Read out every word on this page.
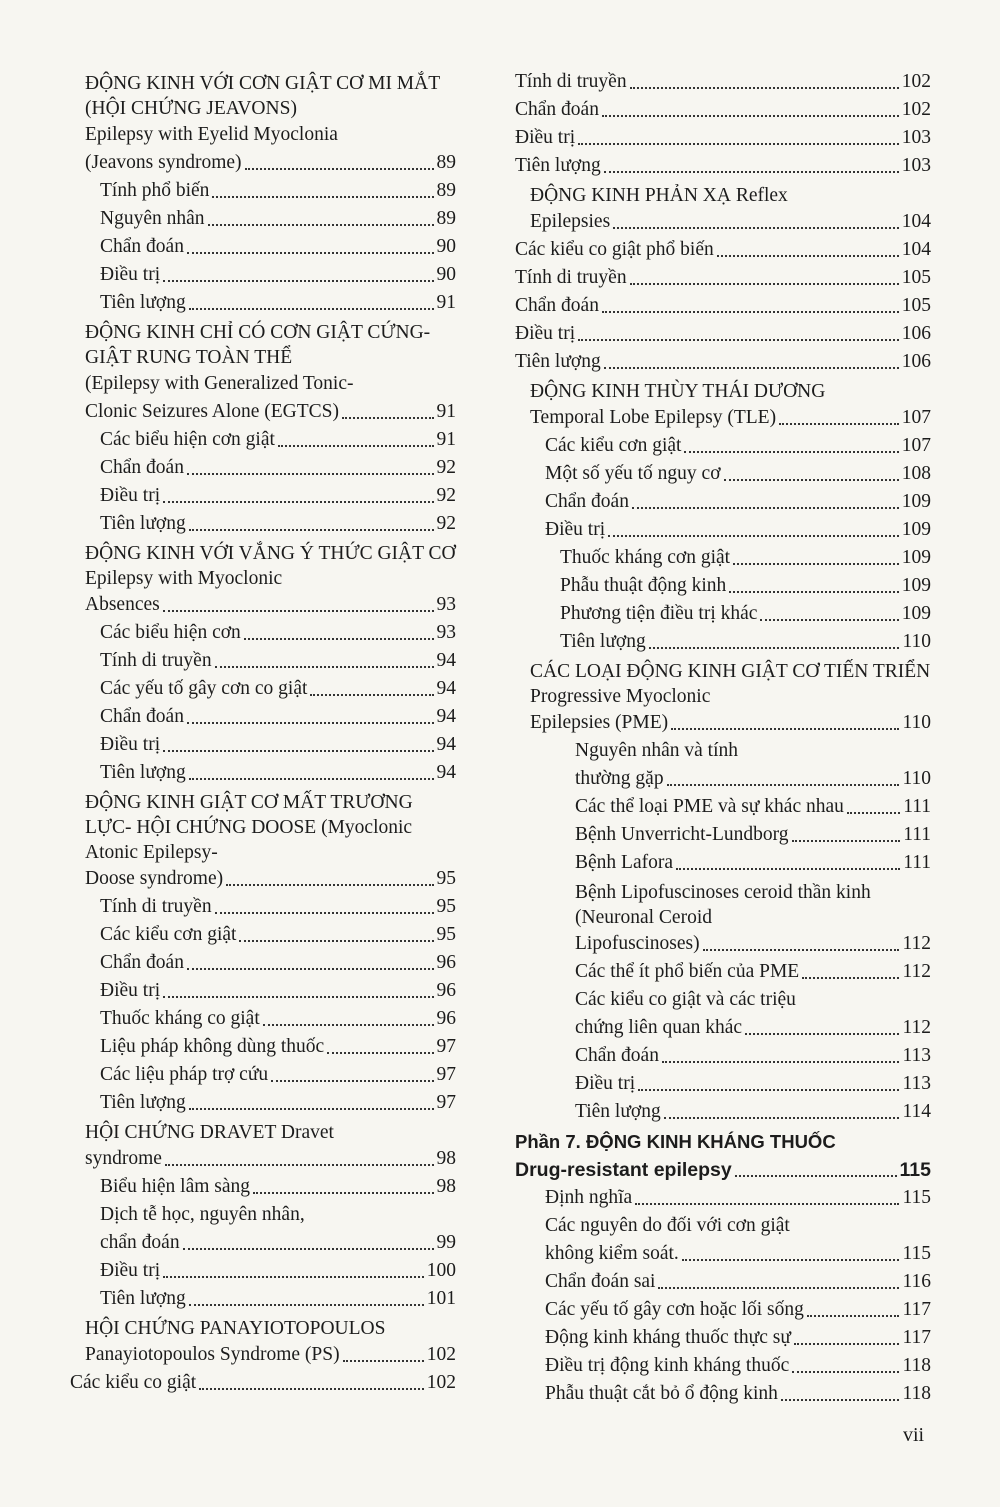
ĐỘNG KINH VỚI CƠN GIẬT CƠ MI MẮT (HỘI CHỨNG JEAVONS)
Epilepsy with Eyelid Myoclonia
(Jeavons syndrome)	89
Tính phổ biến	89
Nguyên nhân	89
Chẩn đoán	90
Điều trị	90
Tiên lượng	91
ĐỘNG KINH CHỈ CÓ CƠN GIẬT CỨNG-GIẬT RUNG TOÀN THỂ
(Epilepsy with Generalized Tonic-
Clonic Seizures Alone (EGTCS)	91
Các biểu hiện cơn giật	91
Chẩn đoán	92
Điều trị	92
Tiên lượng	92
ĐỘNG KINH VỚI VẮNG Ý THỨC GIẬT CƠ Epilepsy with Myoclonic
Absences	93
Các biểu hiện cơn	93
Tính di truyền	94
Các yếu tố gây cơn co giật	94
Chẩn đoán	94
Điều trị	94
Tiên lượng	94
ĐỘNG KINH GIẬT CƠ MẤT TRƯƠNG LỰC- HỘI CHỨNG DOOSE (Myoclonic Atonic Epilepsy-
Doose syndrome)	95
Tính di truyền	95
Các kiểu cơn giật	95
Chẩn đoán	96
Điều trị	96
Thuốc kháng co giật	96
Liệu pháp không dùng thuốc	97
Các liệu pháp trợ cứu	97
Tiên lượng	97
HỘI CHỨNG DRAVET Dravet
syndrome	98
Biểu hiện lâm sàng	98
Dịch tễ học, nguyên nhân,
chẩn đoán	99
Điều trị	100
Tiên lượng	101
HỘI CHỨNG PANAYIOTOPOULOS
Panayiotopoulos Syndrome (PS)	102
Các kiểu co giật	102
Tính di truyền	102
Chẩn đoán	102
Điều trị	103
Tiên lượng	103
ĐỘNG KINH PHẢN XẠ Reflex
Epilepsies	104
Các kiểu co giật phổ biến	104
Tính di truyền	105
Chẩn đoán	105
Điều trị	106
Tiên lượng	106
ĐỘNG KINH THÙY THÁI DƯƠNG
Temporal Lobe Epilepsy (TLE)	107
Các kiểu cơn giật	107
Một số yếu tố nguy cơ	108
Chẩn đoán	109
Điều trị	109
Thuốc kháng cơn giật	109
Phẫu thuật động kinh	109
Phương tiện điều trị khác	109
Tiên lượng	110
CÁC LOẠI ĐỘNG KINH GIẬT CƠ TIẾN TRIỂN Progressive Myoclonic
Epilepsies (PME)	110
Nguyên nhân và tính
thường gặp	110
Các thể loại PME và sự khác nhau	111
Bệnh Unverricht-Lundborg	111
Bệnh Lafora	111
Bệnh Lipofuscinoses ceroid thần kinh (Neuronal Ceroid
Lipofuscinoses)	112
Các thể ít phổ biến của PME	112
Các kiểu co giật và các triệu
chứng liên quan khác	112
Chẩn đoán	113
Điều trị	113
Tiên lượng	114
Phần 7. ĐỘNG KINH KHÁNG THUỐC
Drug-resistant epilepsy	115
Định nghĩa	115
Các nguyên do đối với cơn giật
không kiểm soát.	115
Chẩn đoán sai	116
Các yếu tố gây cơn hoặc lối sống	117
Động kinh kháng thuốc thực sự	117
Điều trị động kinh kháng thuốc	118
Phẫu thuật cắt bỏ ổ động kinh	118
vii
